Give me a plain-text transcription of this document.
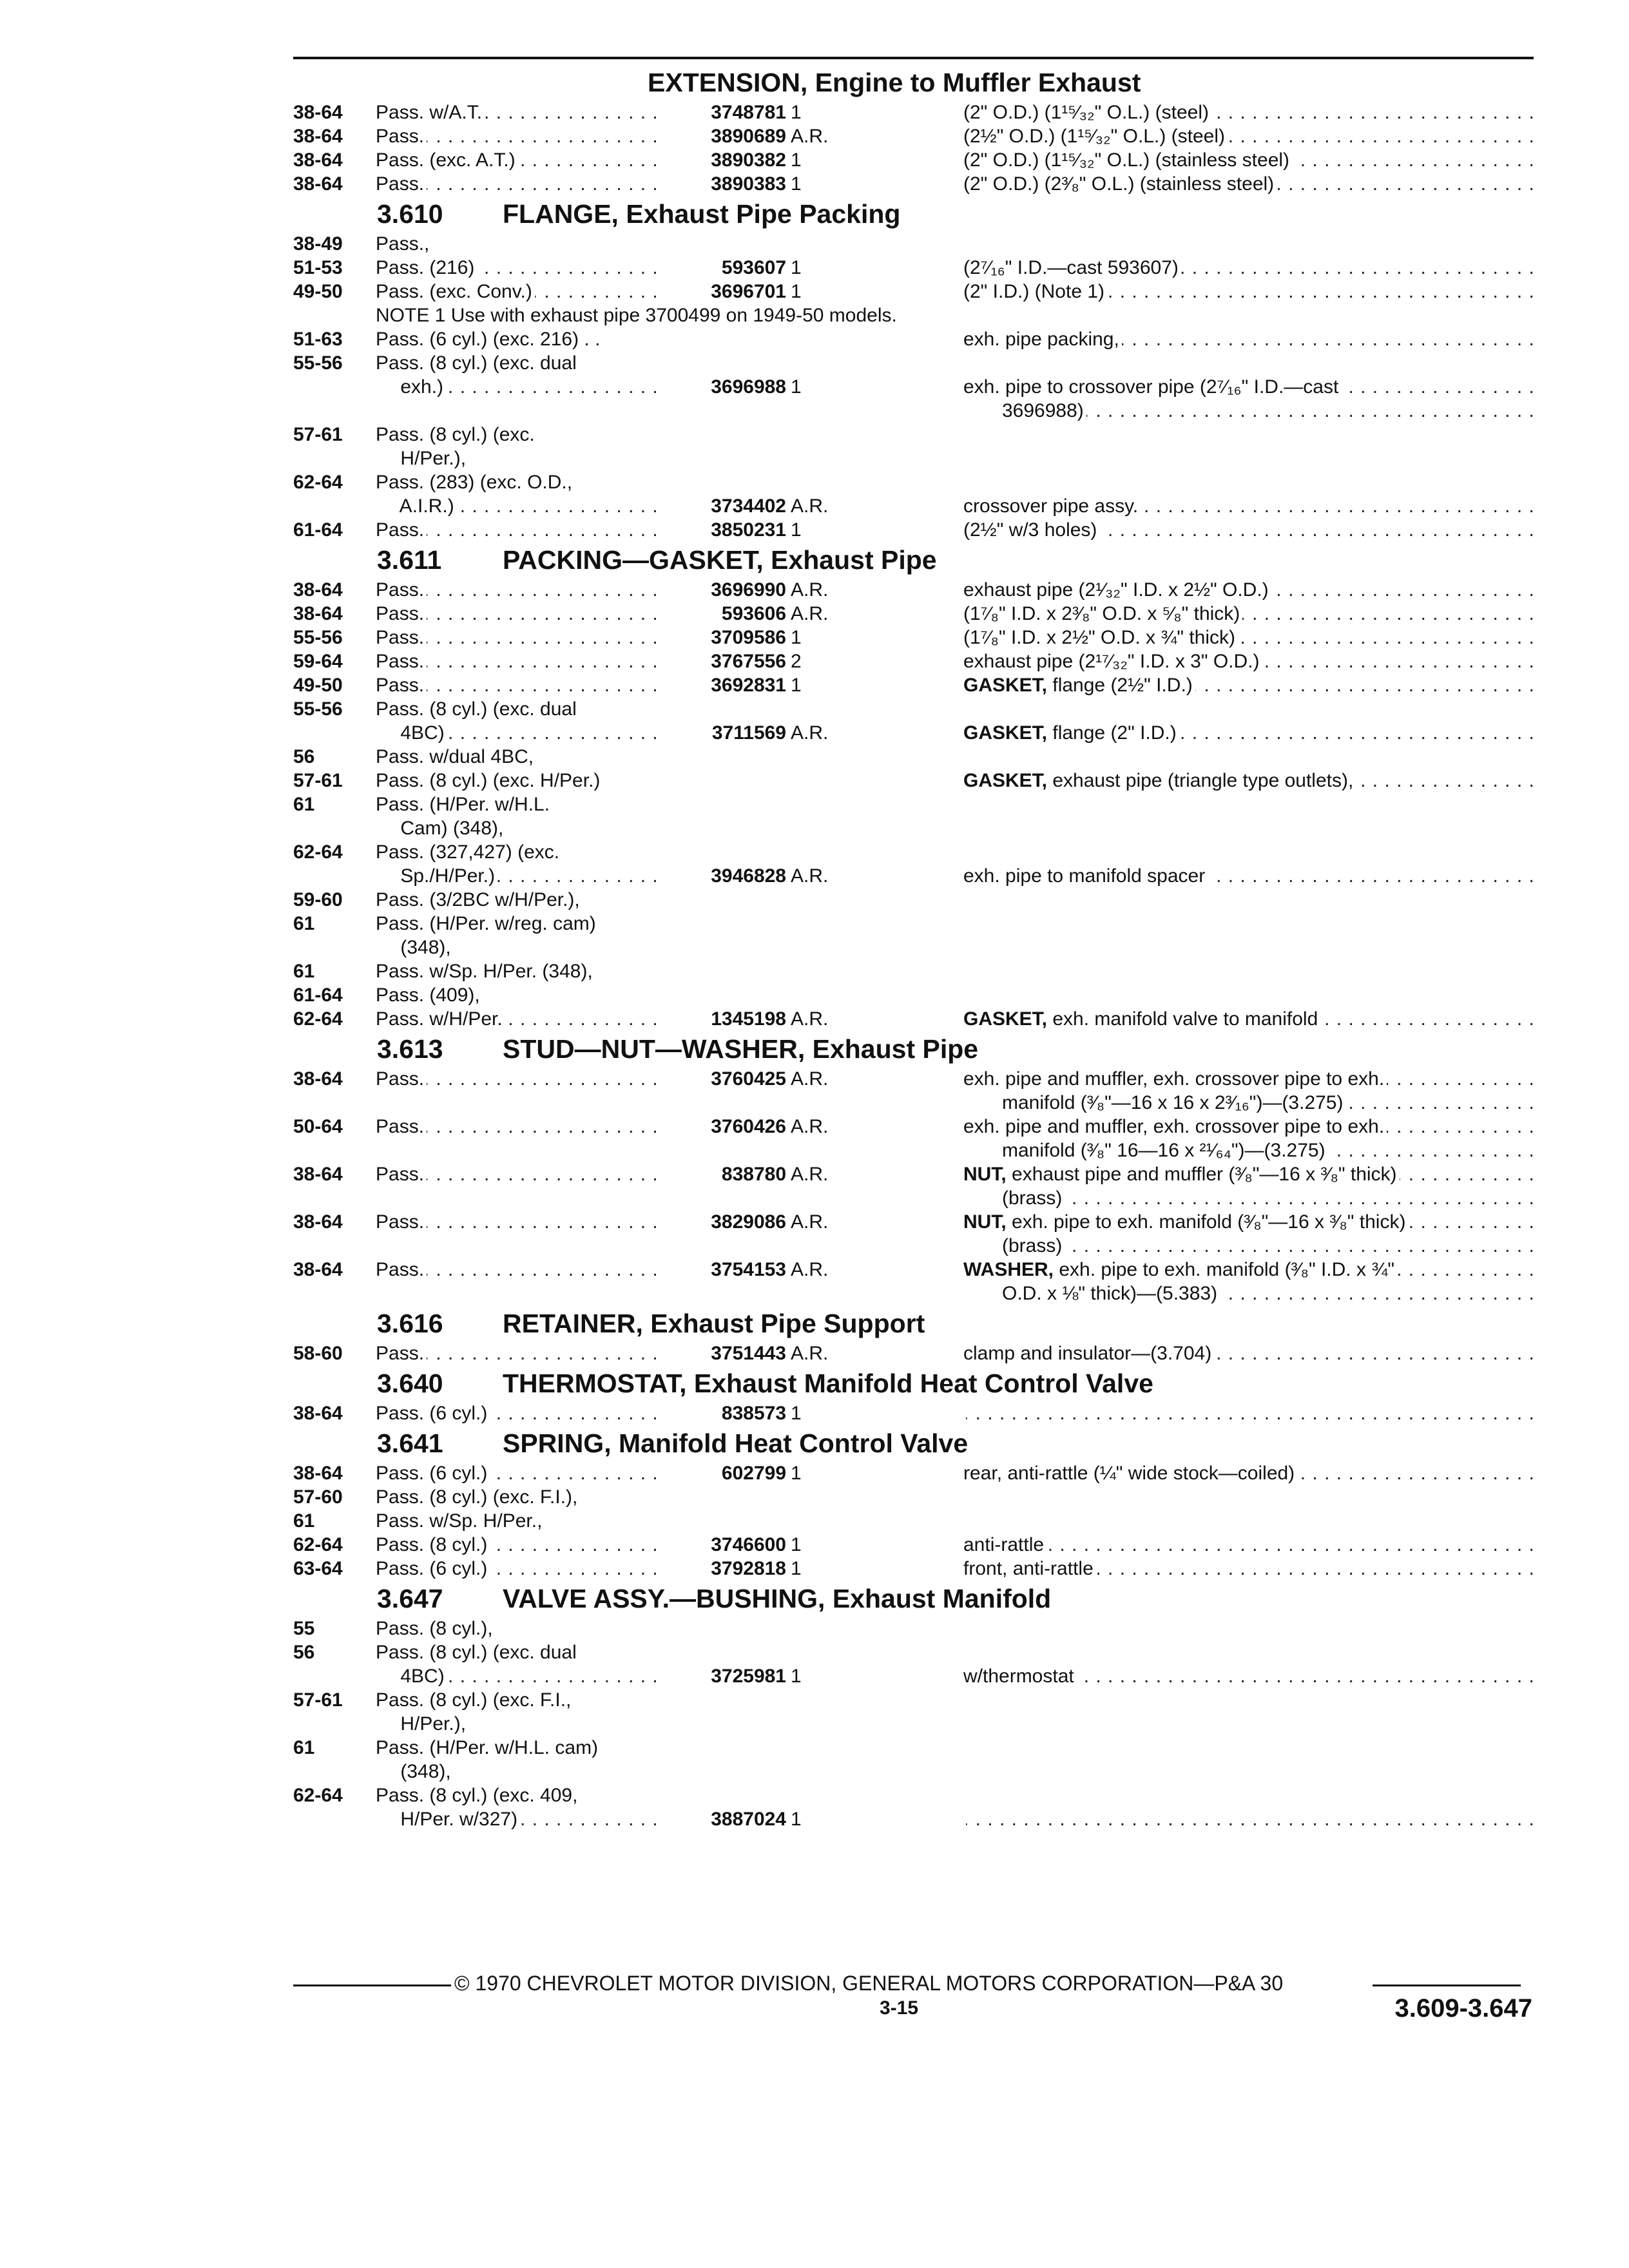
EXTENSION, Engine to Muffler Exhaust
38-64	Pass. w/A.T. . . .	3748781 1	(2" O.D.) (1¹⁵⁄₃₂" O.L.) (steel) . . .
38-64	Pass. . . .	3890689 A.R.	(2½" O.D.) (1¹⁵⁄₃₂" O.L.) (steel) . . .
38-64	Pass. (exc. A.T.) . . .	3890382 1	(2" O.D.) (1¹⁵⁄₃₂" O.L.) (stainless steel) . . .
38-64	Pass. . . .	3890383 1	(2" O.D.) (2³⁄₈" O.L.) (stainless steel) . . .
3.610 FLANGE, Exhaust Pipe Packing
38-49	Pass.,
51-53	Pass. (216) . . .	593607 1	(2⁷⁄₁₆" I.D.—cast 593607) . . .
49-50	Pass. (exc. Conv.) . . .	3696701 1	(2" I.D.) (Note 1) . . .
NOTE 1 Use with exhaust pipe 3700499 on 1949-50 models.
51-63	Pass. (6 cyl.) (exc. 216) . .	exh. pipe packing, . . .
55-56	Pass. (8 cyl.) (exc. dual
  exh.) . . .	3696988 1	exh. pipe to crossover pipe (2⁷⁄₁₆" I.D.—cast . . .
  3696988) . . .
57-61	Pass. (8 cyl.) (exc.
  H/Per.),
62-64	Pass. (283) (exc. O.D.,
  A.I.R.) . . .	3734402 A.R.	crossover pipe assy. . . .
61-64	Pass. . . .	3850231 1	(2½" w/3 holes) . . .
3.611 PACKING—GASKET, Exhaust Pipe
38-64	Pass. . . .	3696990 A.R.	exhaust pipe (2¹⁄₃₂" I.D. x 2½" O.D.) . . .
38-64	Pass. . . .	593606 A.R.	(1⁷⁄₈" I.D. x 2³⁄₈" O.D. x ⁵⁄₈" thick) . . .
55-56	Pass. . . .	3709586 1	(1⁷⁄₈" I.D. x 2½" O.D. x ¾" thick) . . .
59-64	Pass. . . .	3767556 2	exhaust pipe (2¹⁷⁄₃₂" I.D. x 3" O.D.) . . .
49-50	Pass. . . .	3692831 1	GASKET, flange (2½" I.D.) . . .
55-56	Pass. (8 cyl.) (exc. dual
  4BC) . . .	3711569 A.R.	GASKET, flange (2" I.D.) . . .
56	Pass. w/dual 4BC,
57-61	Pass. (8 cyl.) (exc. H/Per.)	GASKET, exhaust pipe (triangle type outlets), . . .
61	Pass. (H/Per. w/H.L.
  Cam) (348),
62-64	Pass. (327,427) (exc.
  Sp./H/Per.) . . .	3946828 A.R.	exh. pipe to manifold spacer . . .
59-60	Pass. (3/2BC w/H/Per.),
61	Pass. (H/Per. w/reg. cam)
  (348),
61	Pass. w/Sp. H/Per. (348),
61-64	Pass. (409),
62-64	Pass. w/H/Per. . . .	1345198 A.R.	GASKET, exh. manifold valve to manifold . . .
3.613 STUD—NUT—WASHER, Exhaust Pipe
38-64	Pass. . . .	3760425 A.R.	exh. pipe and muffler, exh. crossover pipe to exh. . . .
  manifold (³⁄₈"—16 x 16 x 2³⁄₁₆")—(3.275) . . .
50-64	Pass. . . .	3760426 A.R.	exh. pipe and muffler, exh. crossover pipe to exh. . . .
  manifold (³⁄₈" 16—16 x ²¹⁄₆₄")—(3.275) . . .
38-64	Pass. . . .	838780 A.R.	NUT, exhaust pipe and muffler (³⁄₈"—16 x ³⁄₈" thick) . . .
  (brass) . . .
38-64	Pass. . . .	3829086 A.R.	NUT, exh. pipe to exh. manifold (³⁄₈"—16 x ³⁄₈" thick) . . .
  (brass) . . .
38-64	Pass. . . .	3754153 A.R.	WASHER, exh. pipe to exh. manifold (³⁄₈" I.D. x ¾" . . .
  O.D. x ⅛" thick)—(5.383) . . .
3.616 RETAINER, Exhaust Pipe Support
58-60	Pass. . . .	3751443 A.R.	clamp and insulator—(3.704) . . .
3.640 THERMOSTAT, Exhaust Manifold Heat Control Valve
38-64	Pass. (6 cyl.) . . .	838573 1
. . .
3.641 SPRING, Manifold Heat Control Valve
38-64	Pass. (6 cyl.) . . .	602799 1	rear, anti-rattle (¼" wide stock—coiled) . . .
57-60	Pass. (8 cyl.) (exc. F.I.),
61	Pass. w/Sp. H/Per.,
62-64	Pass. (8 cyl.) . . .	3746600 1	anti-rattle . . .
63-64	Pass. (6 cyl.) . . .	3792818 1	front, anti-rattle . . .
3.647 VALVE ASSY.—BUSHING, Exhaust Manifold
55	Pass. (8 cyl.),
56	Pass. (8 cyl.) (exc. dual
  4BC) . . .	3725981 1	w/thermostat . . .
57-61	Pass. (8 cyl.) (exc. F.I.,
  H/Per.),
61	Pass. (H/Per. w/H.L. cam)
  (348),
62-64	Pass. (8 cyl.) (exc. 409,
  H/Per. w/327) . . .	3887024 1
. . .
© 1970 CHEVROLET MOTOR DIVISION, GENERAL MOTORS CORPORATION—P&A 30
3-15	3.609-3.647
